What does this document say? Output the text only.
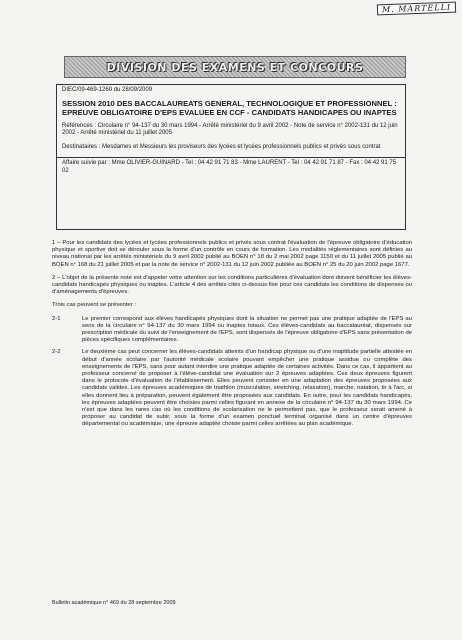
M. MARTELLI
DIVISION DES EXAMENS ET CONCOURS
DIEC/09-469-1260 du 28/09/2009
SESSION 2010 DES BACCALAUREATS GENERAL, TECHNOLOGIQUE ET PROFESSIONNEL : EPREUVE OBLIGATOIRE D'EPS EVALUEE EN CCF - CANDIDATS HANDICAPES OU INAPTES
Références : Circulaire n° 94-137 du 30 mars 1994 - Arrêté ministériel du 9 avril 2002 - Note de service n° 2002-131 du 12 juin 2002 - Arrêté ministériel du 11 juillet 2005
Destinataires : Mesdames et Messieurs les proviseurs des lycées et lycées professionnels publics et privés sous contrat
Affaire suivie par : Mme OLIVIER-GUINARD - Tel : 04 42 91 71 83 - Mme LAURENT - Tel : 04 42 91 71 87 - Fax : 04 42 91 75 02

1 – Pour les candidats des lycées et lycées professionnels publics et privés sous contrat l'évaluation de l'épreuve obligatoire d'éducation physique et sportive doit se dérouler sous la forme d'un contrôle en cours de formation. Les modalités réglementaires sont définies au niveau national par les arrêtés ministériels du 9 avril 2002 publié au BOEN n° 18 du 2 mai 2002 page 1150 et du 11 juillet 2005 publié au BOEN n° 168 du 21 juillet 2005 et par la note de service n° 2002-131 du 12 juin 2002 publiée au BOEN n° 25 du 20 juin 2002 page 1677.

2 – L'objet de la présente note est d'appeler votre attention sur les conditions particulières d'évaluation dont doivent bénéficier les élèves-candidats handicapés physiques ou inaptes. L'article 4 des arrêtés cités ci-dessus fixe pour ces candidats les conditions de dispenses ou d'aménagements d'épreuves.

Trois cas peuvent se présenter :

2-1	Le premier correspond aux élèves handicapés physiques dont la situation ne permet pas une pratique adaptée de l'EPS au sens de la circulaire n° 94-137 du 30 mars 1994 ou inaptes totaux. Ces élèves-candidats au baccalauréat, dispensés sur prescription médicale du suivi de l'enseignement de l'EPS, sont dispensés de l'épreuve obligatoire d'EPS sans présentation de pièces spécifiques complémentaires.
2-2	Le deuxième cas peut concerner les élèves-candidats atteints d'un handicap physique ou d'une inaptitude partielle attestée en début d'année scolaire par l'autorité médicale scolaire pouvant empêcher une pratique assidue ou complète des enseignements de l'EPS, sans pour autant interdire une pratique adaptée de certaines activités. Dans ce cas, il appartient au professeur concerné de proposer à l'élève-candidat une évaluation sur 2 épreuves adaptées. Ces deux épreuves figurent dans le protocole d'évaluation de l'établissement. Elles peuvent consister en une adaptation des épreuves proposées aux candidats valides. Les épreuves académiques de triathlon (musculation, stretching, relaxation), marche, natation, tir à l'arc, si elles donnent lieu à préparation, peuvent également être proposées aux candidats. En outre, pour les candidats handicapés, les épreuves adaptées peuvent être choisies parmi celles figurant en annexe de la circulaire n° 94-137 du 30 mars 1994. Ce n'est que dans les rares cas où les conditions de scolarisation ne le permettent pas, que le professeur serait amené à proposer au candidat de subir, sous la forme d'un examen ponctuel terminal organisé dans un centre d'épreuves départemental ou académique, une épreuve adaptée choisie parmi celles arrêtées au plan académique.
Bulletin académique n° 469 du 28 septembre 2009
